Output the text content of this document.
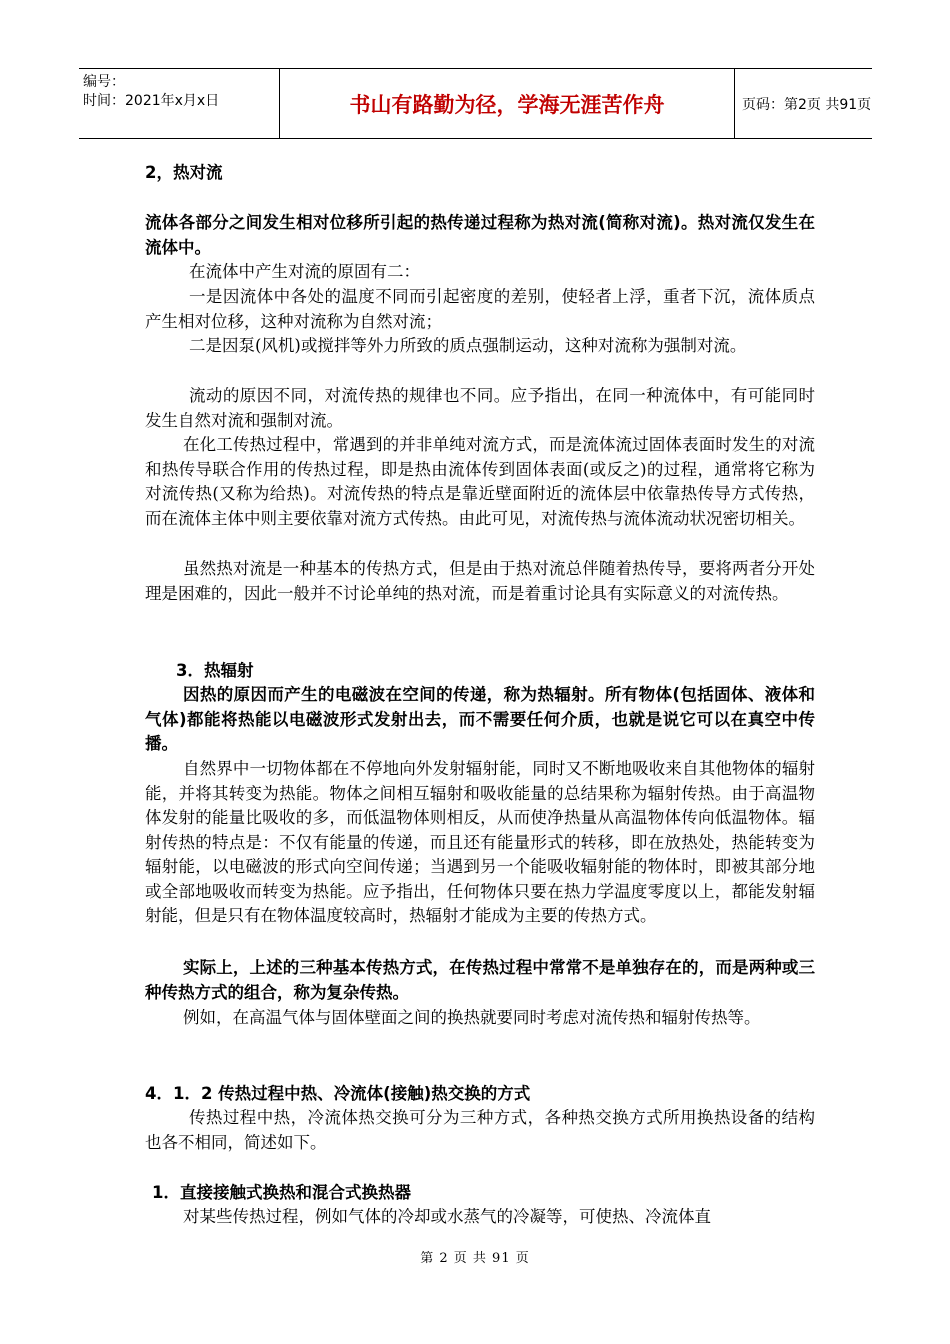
编号：
时间：2021年x月x日	书山有路勤为径，学海无涯苦作舟	页码：第2页 共91页
2，热对流
流体各部分之间发生相对位移所引起的热传递过程称为热对流(简称对流)。热对流仅发生在流体中。
在流体中产生对流的原固有二：
一是因流体中各处的温度不同而引起密度的差别，使轻者上浮，重者下沉，流体质点产生相对位移，这种对流称为自然对流；
二是因泵(风机)或搅拌等外力所致的质点强制运动，这种对流称为强制对流。
流动的原因不同，对流传热的规律也不同。应予指出，在同一种流体中，有可能同时发生自然对流和强制对流。
在化工传热过程中，常遇到的并非单纯对流方式，而是流体流过固体表面时发生的对流和热传导联合作用的传热过程，即是热由流体传到固体表面(或反之)的过程，通常将它称为对流传热(又称为给热)。对流传热的特点是靠近壁面附近的流体层中依靠热传导方式传热，而在流体主体中则主要依靠对流方式传热。由此可见，对流传热与流体流动状况密切相关。
虽然热对流是一种基本的传热方式，但是由于热对流总伴随着热传导，要将两者分开处理是困难的，因此一般并不讨论单纯的热对流，而是着重讨论具有实际意义的对流传热。
3．热辐射
因热的原因而产生的电磁波在空间的传递，称为热辐射。所有物体(包括固体、液体和气体)都能将热能以电磁波形式发射出去，而不需要任何介质，也就是说它可以在真空中传播。
自然界中一切物体都在不停地向外发射辐射能，同时又不断地吸收来自其他物体的辐射能，并将其转变为热能。物体之间相互辐射和吸收能量的总结果称为辐射传热。由于高温物体发射的能量比吸收的多，而低温物体则相反，从而使净热量从高温物体传向低温物体。辐射传热的特点是：不仅有能量的传递，而且还有能量形式的转移，即在放热处，热能转变为辐射能，以电磁波的形式向空间传递；当遇到另一个能吸收辐射能的物体时，即被其部分地或全部地吸收而转变为热能。应予指出，任何物体只要在热力学温度零度以上，都能发射辐射能，但是只有在物体温度较高时，热辐射才能成为主要的传热方式。
实际上，上述的三种基本传热方式，在传热过程中常常不是单独存在的，而是两种或三种传热方式的组合，称为复杂传热。
例如，在高温气体与固体壁面之间的换热就要同时考虑对流传热和辐射传热等。
4．1．2 传热过程中热、冷流体(接触)热交换的方式
传热过程中热，冷流体热交换可分为三种方式，各种热交换方式所用换热设备的结构也各不相同，简述如下。
1．直接接触式换热和混合式换热器
对某些传热过程，例如气体的冷却或水蒸气的冷凝等，可使热、冷流体直
第 2 页 共 91 页
